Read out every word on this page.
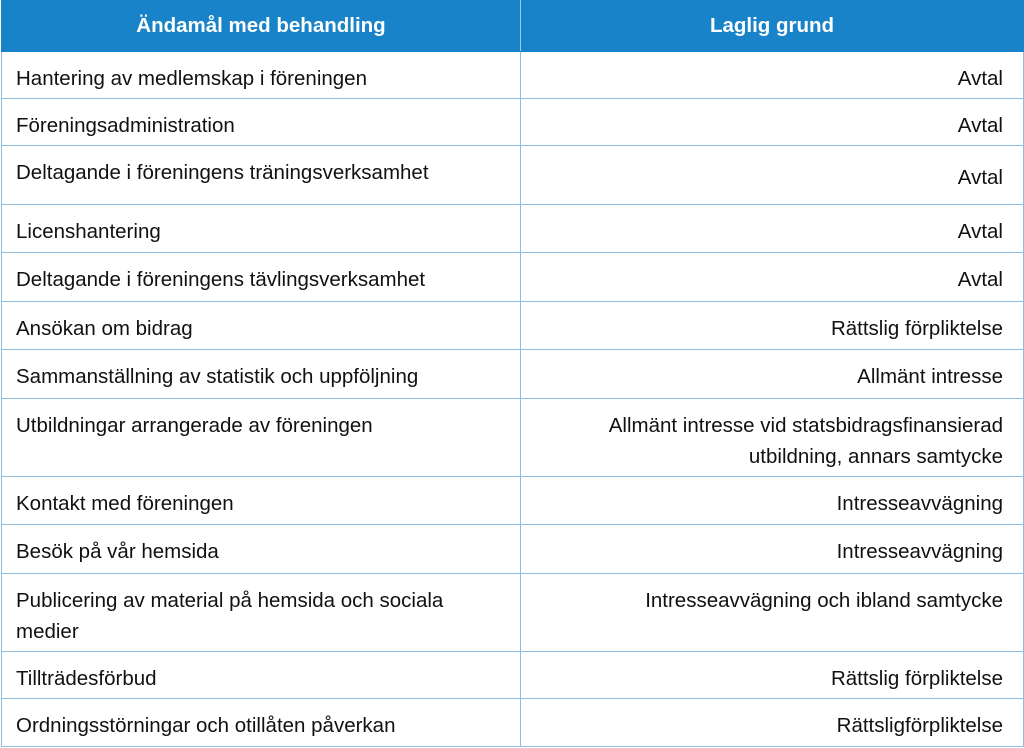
Ändamål med behandling	Laglig grund
Hantering av medlemskap i föreningen	Avtal
Föreningsadministration	Avtal
Deltagande i föreningens träningsverksamhet	Avtal
Licenshantering	Avtal
Deltagande i föreningens tävlingsverksamhet	Avtal
Ansökan om bidrag	Rättslig förpliktelse
Sammanställning av statistik och uppföljning	Allmänt intresse
Utbildningar arrangerade av föreningen	Allmänt intresse vid statsbidragsfinansierad utbildning, annars samtycke
Kontakt med föreningen	Intresseavvägning
Besök på vår hemsida	Intresseavvägning
Publicering av material på hemsida och sociala medier	Intresseavvägning och ibland samtycke
Tillträdesförbud	Rättslig förpliktelse
Ordningsstörningar och otillåten påverkan	Rättsligförpliktelse
